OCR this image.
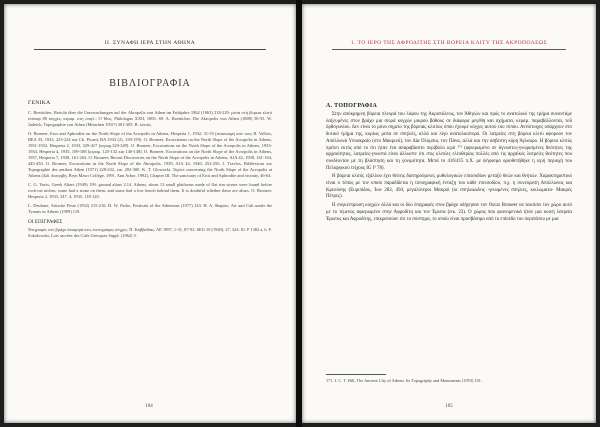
II. ΣΥΝΑΦΗ ΙΕΡΑ ΣΤΗΝ ΑΘΗΝΑ
ΒΙΒΛΙΟΓΡΑΦΙΑ
ΓΕΝΙΚΑ
C. Boetticher, Bericht über die Untersuchungen auf der Akropolis von Athen im Frühjahre 1862 (1863) 218-229: μέσα στή βόρεια κλιτύ ένύπαρ 80 κόγχες, κεραμ. στη σπηλ.; O Ίθος, Philologus XXII, 1865, 69. A. Boetticher, Die Akropolis von Athen (1888) 50-55. W. Judeich, Topographie von Athen (München 1931²) 301-305. B. κλιτύς.
O. Broneer, Eros and Aphrodite on the North Slope of the Acropolis in Athens, Hesperia 1, 1932, 31-55 (ανασκαφή από τους R. Vallois, BEA 35, 1933, 223-224 και Ch. Picard, RA 1933 (2), 158-159). O. Broneer, Excavations on the North Slope of the Acropolis in Athens, 1931-1932, Hesperia 2, 1933, 329-417 [κεραμ.329-349]. O. Broneer, Excavations on the North Slope of the Acropolis in Athens, 1933-1934, Hesperia 4, 1935, 109-188 [κεραμ. 125-132 και 140-148]. O. Broneer, Excavations on the North Slope of the Acropolis in Athens, 1937, Hesperia 7, 1938, 161-263. O. Broneer, Recent Discoveries on the North Slope of the Acropolis in Athens, AJA 42, 1938, 161-164, 445-450. O. Broneer, Excavations in the North Slope of the Akropolis, 1939, AJA 44, 1940, 252-256. J. Travlos, Bildlexicon zur Topographie des antiken Athen (1971) 228-232, εικ. 292-300. K. T. Glowacki, Topics concerning the North Slope of the Acropolis at Athens (Διδ. διατριβή, Bryn Mawr College, 1991, Ann Arbor, 1992), Chapter III. The sanctuary of Eros and Aphrodite and vicinity, 46-64.
C. G. Yavis, Greek Altars (1949) 199: ground altars 2.14. Athens, about 13 small platforms made of flat rim stones were found before rock-cut niches; some had a stone on them, and some had a low bench behind them. It is doubtful whether these are altars. O. Broneer, Hesperia 2, 1933, 347. 4, 1935, 118-120.
L. Deubner, Attische Feste (1932) 215-216. H. W. Parke, Festivals of the Athenians (1977) 143. H. A. Shapiro, Art and Cult under the Tyrants in Athens (1989) 119.
ΟΙ ΕΠΙΓΡΑΦΕΣ
Έπιγραφές στο βράχο άναφορά στις ενεπιγράφες κόγχες: Π. Καββαδίας, ΑΕ 1897, 1-31, 87-92. SEG 10 (1949), 27, 324. IG I³ 1382 a, b. F. Sokolowski, Lois sacrées des Cités Grecques Suppl. (1962) 5.
104
1. ΤΟ ΙΕΡΟ ΤΗΣ ΑΦΡΟΔΙΤΗΣ ΣΤΗ ΒΟΡΕΙΑ ΚΛΙΤΥ ΤΗΣ ΑΚΡΟΠΟΛΕΩΣ
Α. ΤΟΠΟΓΡΑΦΙΑ

Στην απόκρημνη βόρεια πλευρά του λόφου της Ακροπόλεως, τον Άθηνών και πρός το ανατολικό της τμήμα συναντάμε λαξευμένες στον βράχο μια σειρά κογχών μικρού βάθους σε διάφορα μεγέθη και σχήματα, κεραμ. παραβάλλονται, τοῦ ὀρθογωνίου. Δεν είναι το μόνο σημείο της βόρειας κλιτύος όπου έχουμε κόγχες αυτού του τύπου. Αντίστοιχες υπάρχουν στο δυτικό τμήμα της, κυρίως μέσα σε σπηλιές, αλλά και λίγο ανατολικότερα. Οι λατρείες στη βόρεια κλιτύ αφορούν τον Απόλλωνα Υποακραίο (στο Μακρινό), τον Δία Ολύμπιο, τον Πάνα, αλλά και την άσβεστη κόρη Άγλαυρο. Η βόρεια κλιτύς πρέπει εκτός από το ότι ήταν ένα απαραβίαστο περίβολο ιερό ¹⁷¹ (αφιερωμένο σε άγνωστες-γνωρισμένες θεότητες της αρχαιότητας, λατρείες-γνωστά είναι άλλωστε ότι στις κλιτύες ελευθερίας πολλές από τις αρχαϊκές λατρείες θεότητες που συνδέονταν με τη βλάστηση και τη γονιμότητα. Μετά το 416/415 π.Χ. με ψήφισμα οριοθετήθηκε η ιερή περιοχή του Πελαργικού τείχους IG I³ 78).

Η βόρεια κλιτύς εξάλλου έχει θέσεις διατηρούμενες μυθολογικών επεισοδίων μεταξύ θεών και θνητών. Χαρακτηριστικό είναι ο τόπος με τον οποίο παραδίδεται η τοπογραφική ένταξη του κάθε επεισοδίου, π.χ. η συνεύρεση Απόλλωνος και Κρεούσης (Ευριπίδου, Ίων 283, 494, μεγαλύτεροι Μακροί (οι σπηλαιώδεις -γειωμένες σπηλιές, κοιλώματα- Μακρές Πέτρες).

Η συγκέντρωση κογχών άλλά και οι δύο έπιγραφές στον βράχο οδήγησαν τον Oscar Broneer να ταυτίσει τον χώρο αυτό με το τέμενος αφιερωμένο στην Αφροδίτη και τον Έρωτα (εικ. 23). Ο χώρος που φαινομενικά ήταν μια κοινή λατρεία Έρωτος και Αφροδίτης, επικρατούσε ότι το σύστημα, το οποίο είναι προσβάσιμο από το επίπεδο του περιπάτου με μια

171. J. C. T. Hill, The Ancient City of Athens. Its Topography and Monuments (1953) 101.
105
